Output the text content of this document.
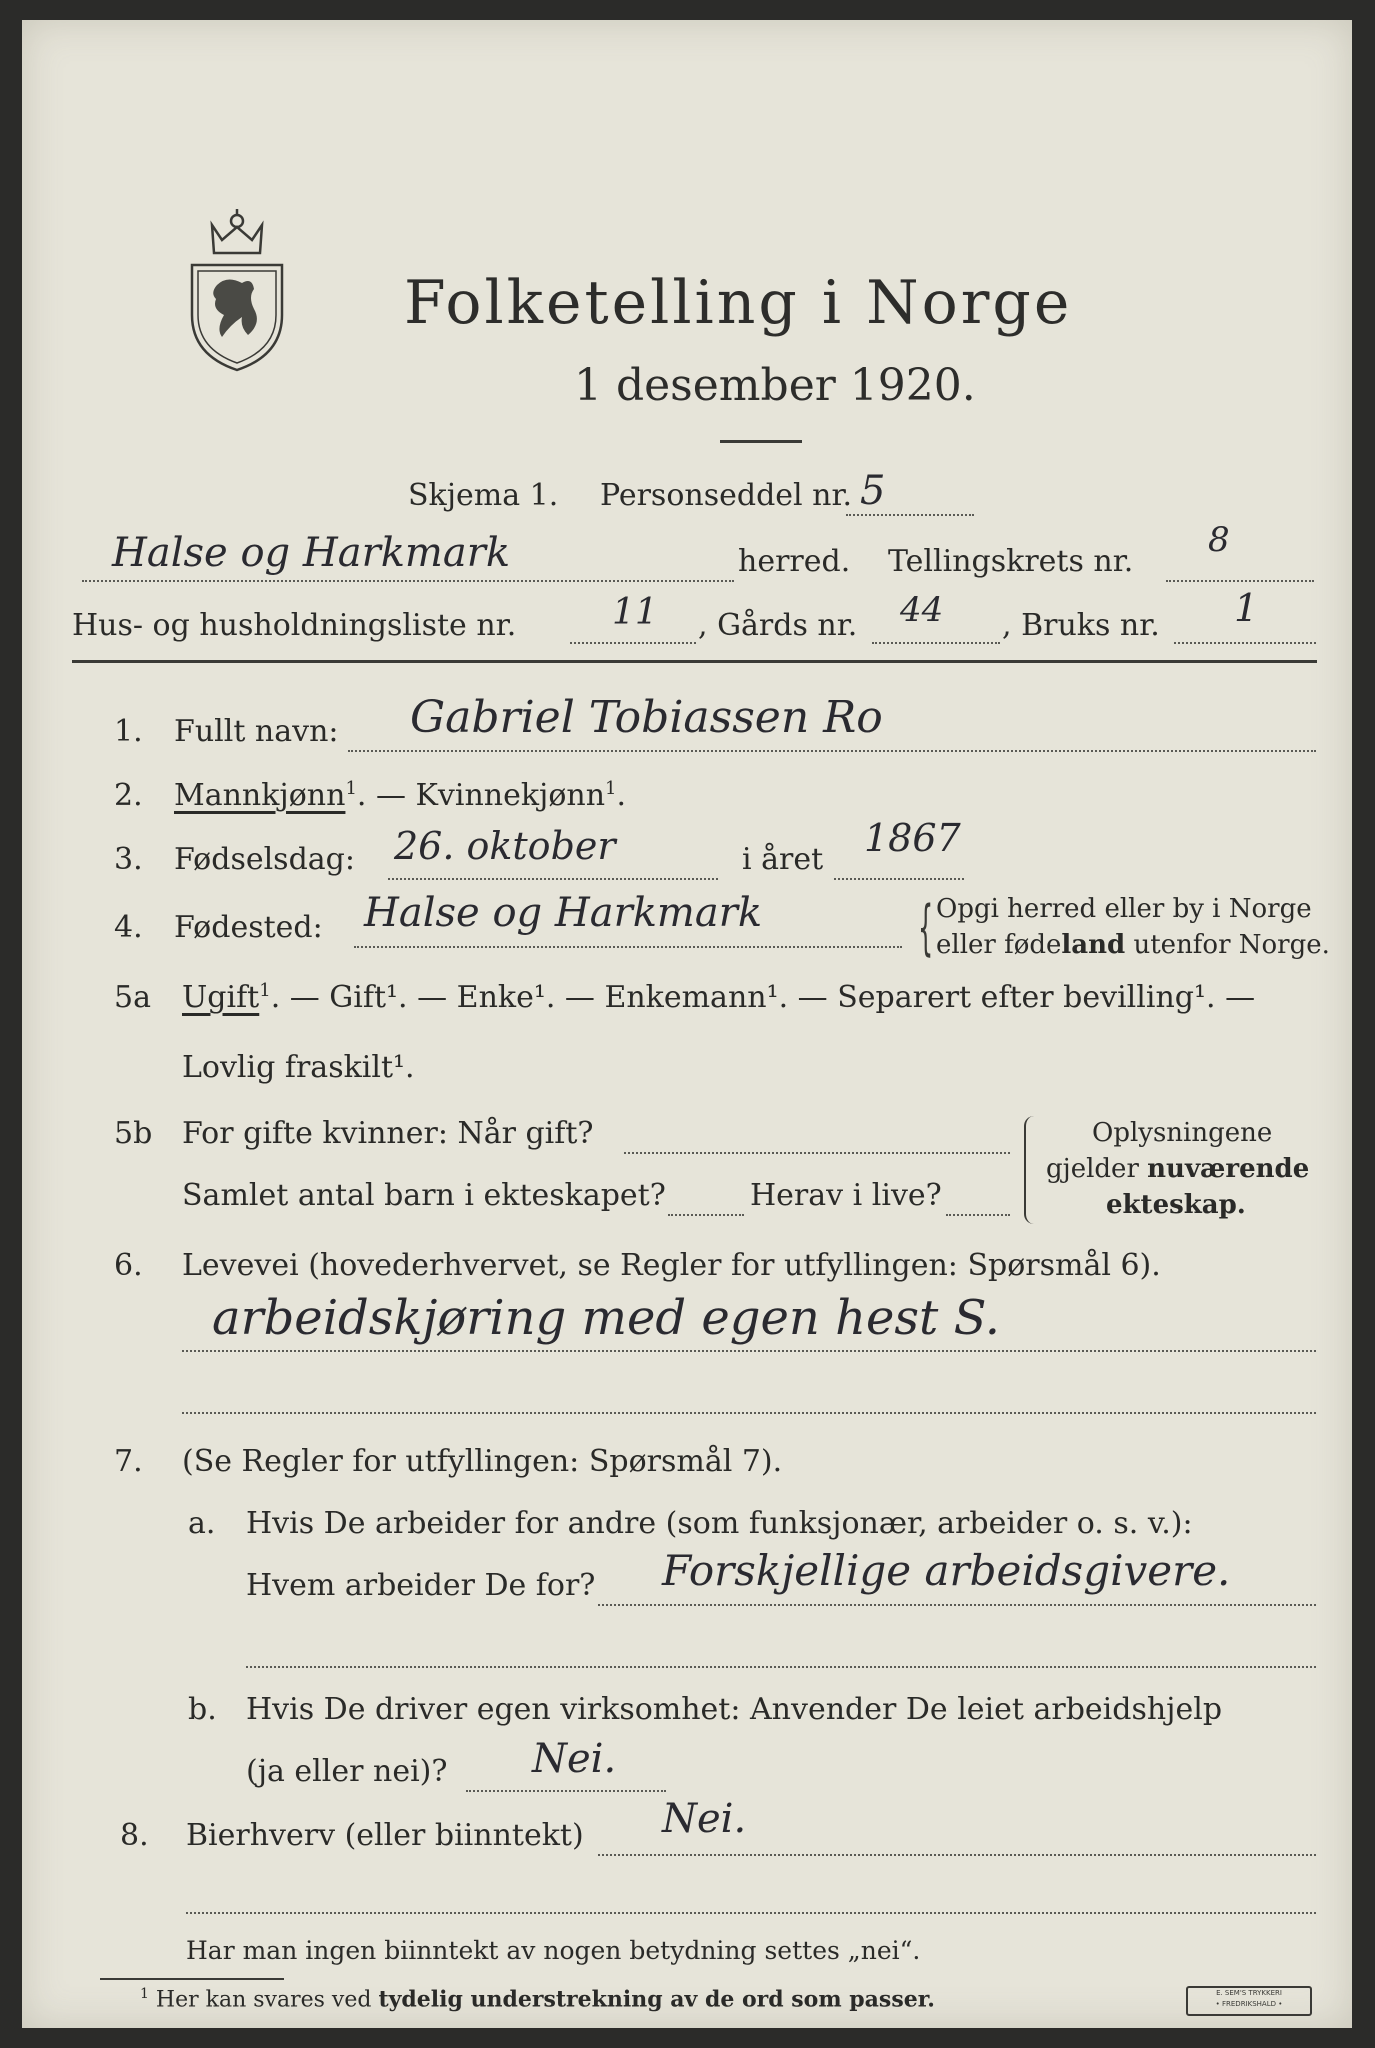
Folketelling i Norge
1 desember 1920.
Skjema 1. Personseddel nr. 5
Halse og Harkmark	herred. Tellingskrets nr.
8
Hus- og husholdningsliste nr.	11 , Gårds nr. 44 , Bruks nr. 1
1. Fullt navn: Gabriel Tobiassen Ro
2. Mannkjønn$^1$. — Kvinnekjønn$^1$.
3. Fødselsdag: 26. oktober	i året 1867
4. Fødested: Halse og Harkmark	{ Opgi herred eller by i Norge
eller fødeland utenfor Norge.
5a Ugift$^1$. — Gift¹. — Enke¹. — Enkemann¹. — Separert efter bevilling¹. —
Lovlig fraskilt¹.
5b For gifte kvinner: Når gift?
Samlet antal barn i ekteskapet?	Herav i live?
Oplysningene
gjelder nuværende
ekteskap.
6. Levevei (hovederhvervet, se Regler for utfyllingen: Spørsmål 6).
arbeidskjøring med egen hest S.
7. (Se Regler for utfyllingen: Spørsmål 7).
a. Hvis De arbeider for andre (som funksjonær, arbeider o. s. v.):
Hvem arbeider De for? Forskjellige arbeidsgivere.
b. Hvis De driver egen virksomhet: Anvender De leiet arbeidshjelp
(ja eller nei)? Nei.
8. Bierhverv (eller biinntekt) Nei.
Har man ingen biinntekt av nogen betydning settes „nei“.
$^1$ Her kan svares ved tydelig understrekning av de ord som passer.	E. SEM'S TRYKKERI
• FREDRIKSHALD •
